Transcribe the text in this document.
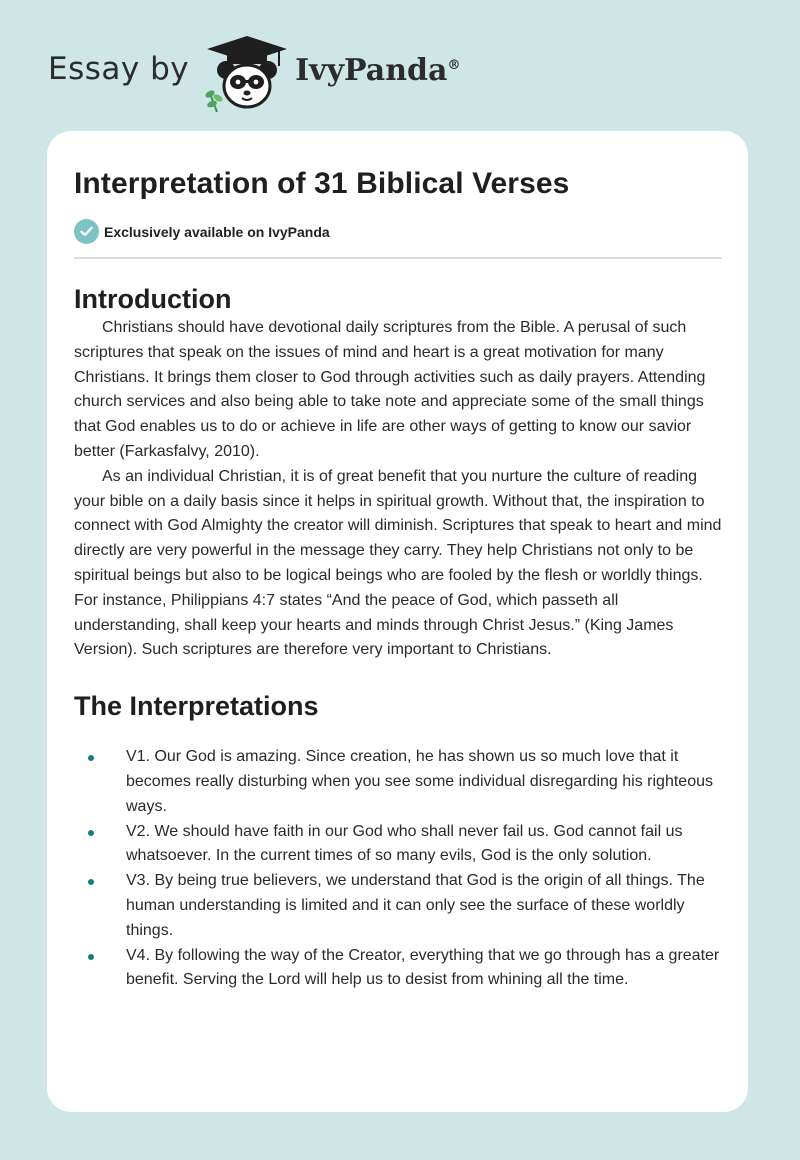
Essay by	IvyPanda®
Interpretation of 31 Biblical Verses
Exclusively available on IvyPanda
Introduction

Christians should have devotional daily scriptures from the Bible. A perusal of such scriptures that speak on the issues of mind and heart is a great motivation for many Christians. It brings them closer to God through activities such as daily prayers. Attending church services and also being able to take note and appreciate some of the small things that God enables us to do or achieve in life are other ways of getting to know our savior better (Farkasfalvy, 2010).

As an individual Christian, it is of great benefit that you nurture the culture of reading your bible on a daily basis since it helps in spiritual growth. Without that, the inspiration to connect with God Almighty the creator will diminish. Scriptures that speak to heart and mind directly are very powerful in the message they carry. They help Christians not only to be spiritual beings but also to be logical beings who are fooled by the flesh or worldly things. For instance, Philippians 4:7 states “And the peace of God, which passeth all understanding, shall keep your hearts and minds through Christ Jesus.” (King James Version). Such scriptures are therefore very important to Christians.

The Interpretations
V1. Our God is amazing. Since creation, he has shown us so much love that it becomes really disturbing when you see some individual disregarding his righteous ways.
V2. We should have faith in our God who shall never fail us. God cannot fail us whatsoever. In the current times of so many evils, God is the only solution.
V3. By being true believers, we understand that God is the origin of all things. The human understanding is limited and it can only see the surface of these worldly things.
V4. By following the way of the Creator, everything that we go through has a greater benefit. Serving the Lord will help us to desist from whining all the time.
